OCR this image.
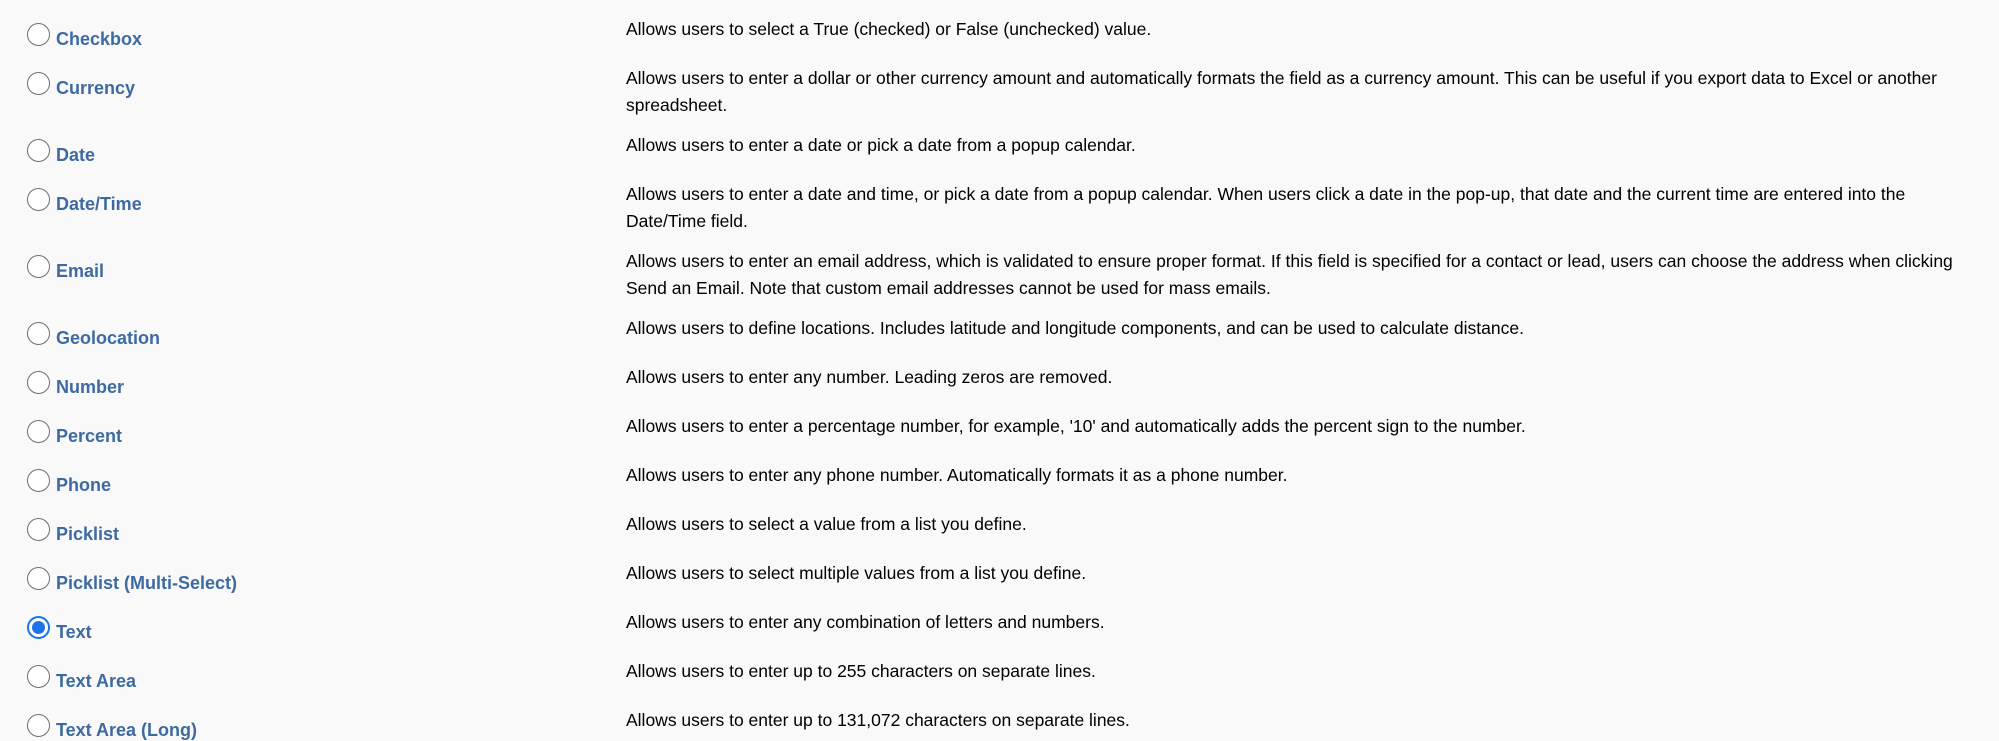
Checkbox	Allows users to select a True (checked) or False (unchecked) value.
Currency	Allows users to enter a dollar or other currency amount and automatically formats the field as a currency amount. This can be useful if you export data to Excel or another spreadsheet.
Date	Allows users to enter a date or pick a date from a popup calendar.
Date/Time	Allows users to enter a date and time, or pick a date from a popup calendar. When users click a date in the pop-up, that date and the current time are entered into the Date/Time field.
Email	Allows users to enter an email address, which is validated to ensure proper format. If this field is specified for a contact or lead, users can choose the address when clicking Send an Email. Note that custom email addresses cannot be used for mass emails.
Geolocation	Allows users to define locations. Includes latitude and longitude components, and can be used to calculate distance.
Number	Allows users to enter any number. Leading zeros are removed.
Percent	Allows users to enter a percentage number, for example, '10' and automatically adds the percent sign to the number.
Phone	Allows users to enter any phone number. Automatically formats it as a phone number.
Picklist	Allows users to select a value from a list you define.
Picklist (Multi-Select)	Allows users to select multiple values from a list you define.
Text	Allows users to enter any combination of letters and numbers.
Text Area	Allows users to enter up to 255 characters on separate lines.
Text Area (Long)	Allows users to enter up to 131,072 characters on separate lines.
